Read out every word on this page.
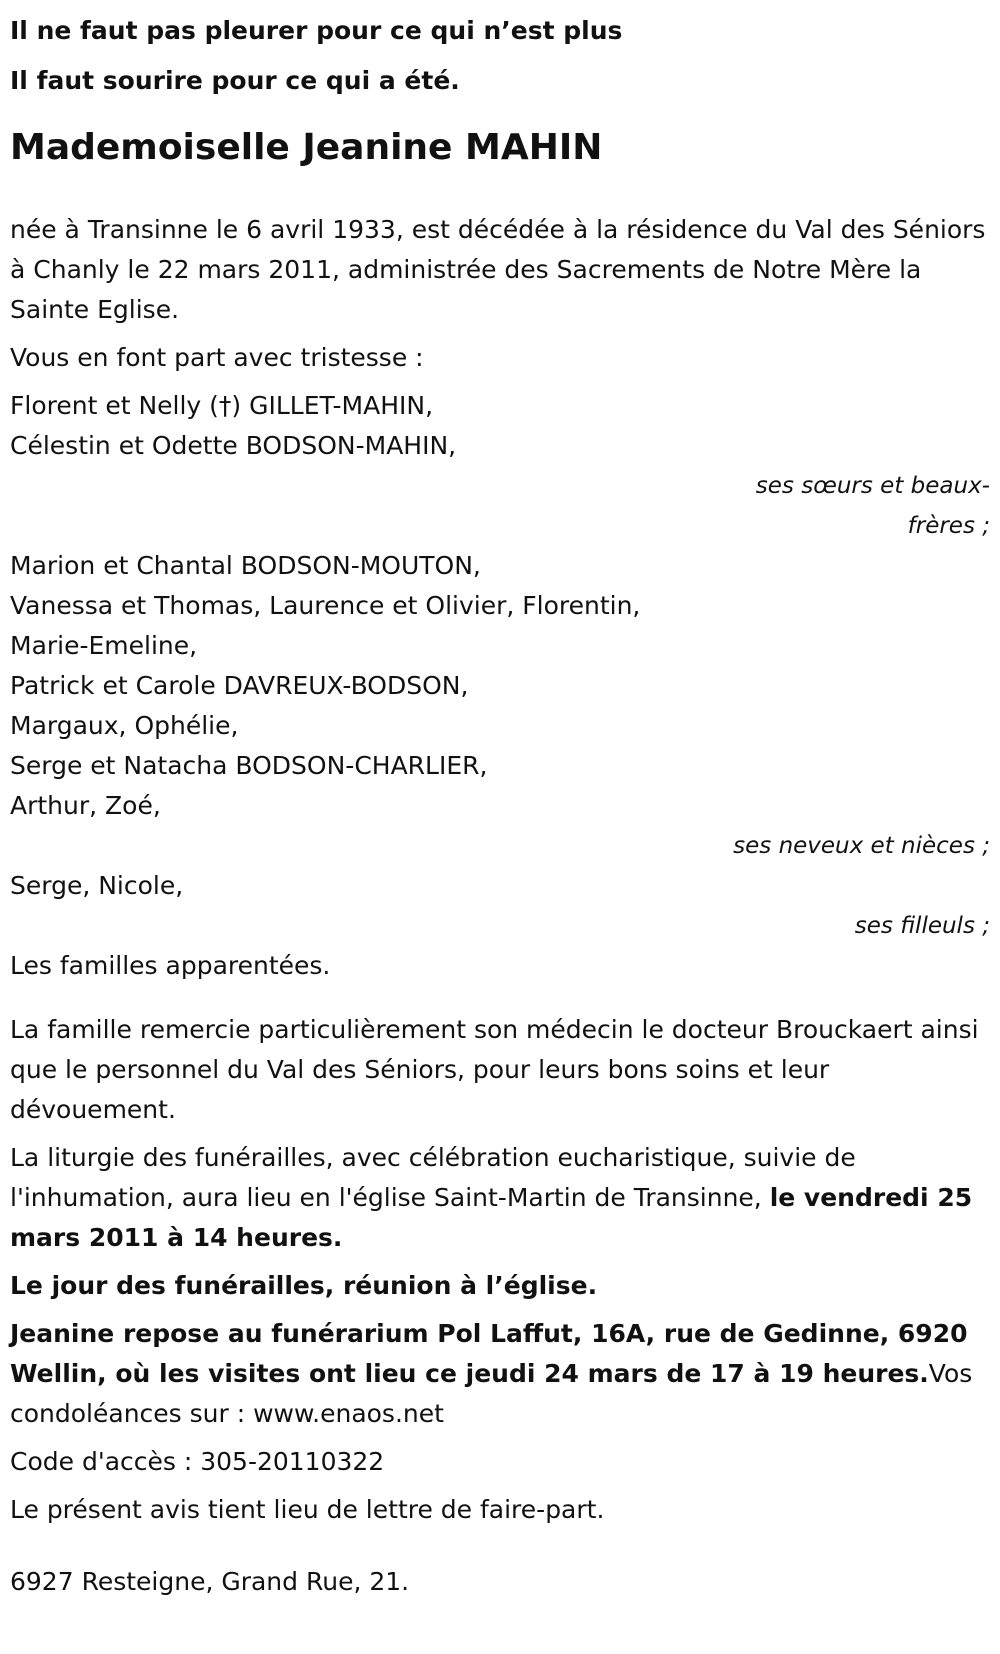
Il ne faut pas pleurer pour ce qui n’est plus
Il faut sourire pour ce qui a été.
Mademoiselle Jeanine MAHIN

née à Transinne le 6 avril 1933, est décédée à la résidence du Val des Séniors à Chanly le 22 mars 2011, administrée des Sacrements de Notre Mère la Sainte Eglise.

Vous en font part avec tristesse :

Florent et Nelly (†) GILLET-MAHIN,
Célestin et Odette BODSON-MAHIN,
ses sœurs et beaux-frères ;
Marion et Chantal BODSON-MOUTON,
Vanessa et Thomas, Laurence et Olivier, Florentin,
Marie-Emeline,
Patrick et Carole DAVREUX-BODSON,
Margaux, Ophélie,
Serge et Natacha BODSON-CHARLIER,
Arthur, Zoé,
ses neveux et nièces ;
Serge, Nicole,
ses filleuls ;
Les familles apparentées.

La famille remercie particulièrement son médecin le docteur Brouckaert ainsi que le personnel du Val des Séniors, pour leurs bons soins et leur dévouement.

La liturgie des funérailles, avec célébration eucharistique, suivie de l'inhumation, aura lieu en l'église Saint-Martin de Transinne, le vendredi 25 mars 2011 à 14 heures.

Le jour des funérailles, réunion à l’église.

Jeanine repose au funérarium Pol Laffut, 16A, rue de Gedinne, 6920 Wellin, où les visites ont lieu ce jeudi 24 mars de 17 à 19 heures.Vos condoléances sur : www.enaos.net

Code d'accès : 305-20110322

Le présent avis tient lieu de lettre de faire-part.

6927 Resteigne, Grand Rue, 21.
